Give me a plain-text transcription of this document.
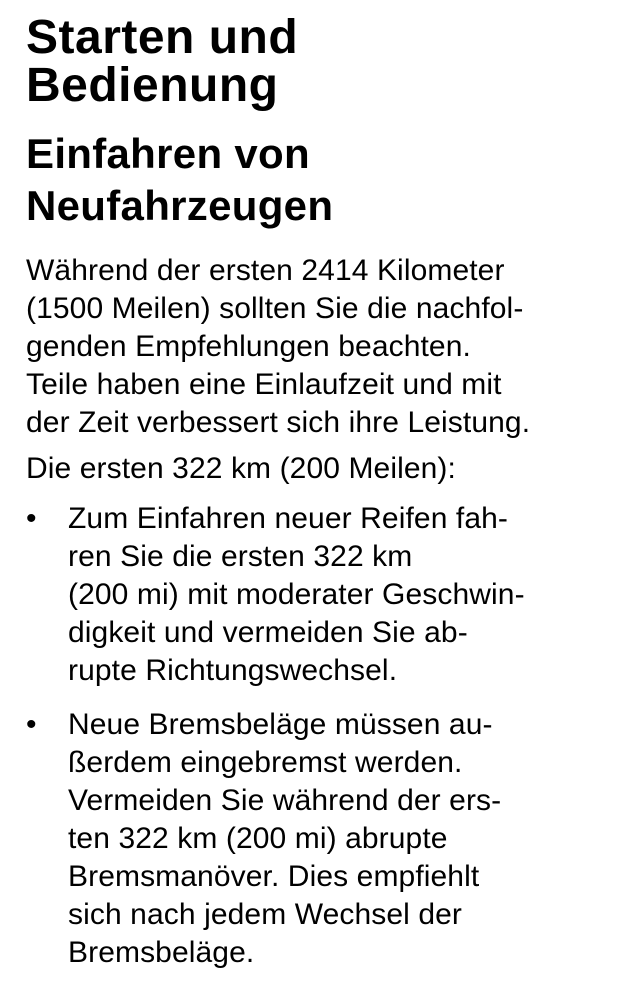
Starten und
Bedienung
Einfahren von
Neufahrzeugen

Während der ersten 2414 Kilometer
(1500 Meilen) sollten Sie die nachfol-
genden Empfehlungen beachten.
Teile haben eine Einlaufzeit und mit
der Zeit verbessert sich ihre Leistung.

Die ersten 322 km (200 Meilen):

•	Zum Einfahren neuer Reifen fah-
ren Sie die ersten 322 km
(200 mi) mit moderater Geschwin-
digkeit und vermeiden Sie ab-
rupte Richtungswechsel.
•	Neue Bremsbeläge müssen au-
ßerdem eingebremst werden.
Vermeiden Sie während der ers-
ten 322 km (200 mi) abrupte
Bremsmanöver. Dies empfiehlt
sich nach jedem Wechsel der
Bremsbeläge.
